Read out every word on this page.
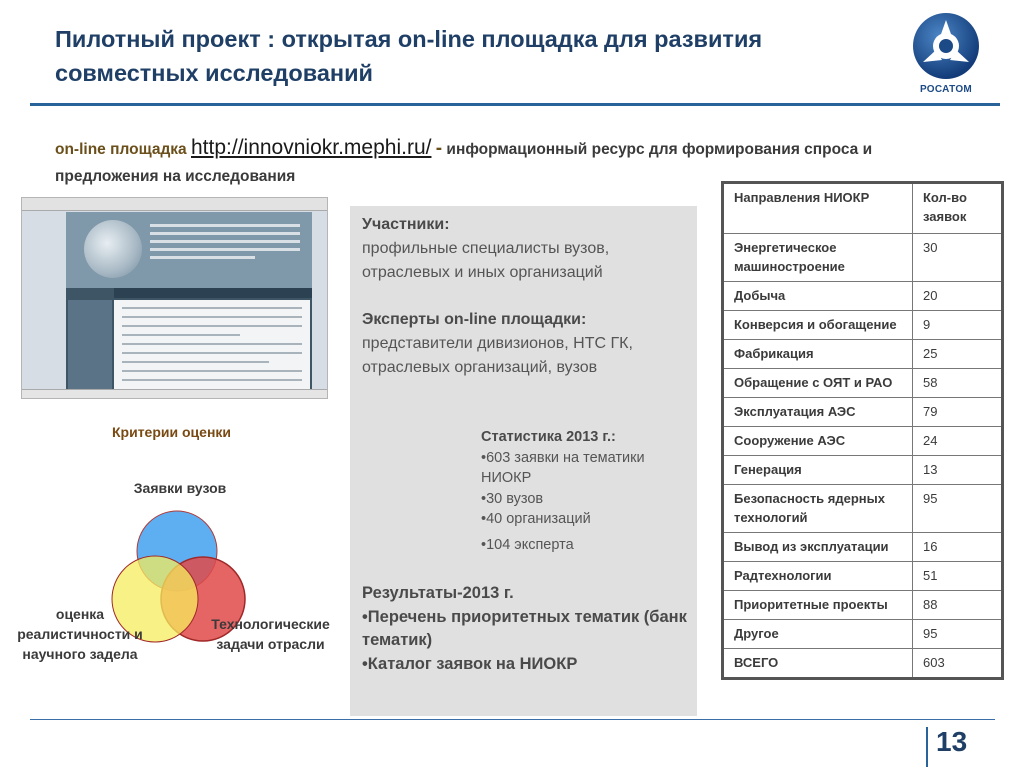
Пилотный проект : открытая on-line площадка для развития совместных исследований
РОСАТОМ
on-line площадка http://innovniokr.mephi.ru/ - информационный ресурс для формирования спроса и предложения на исследования
Критерии оценки
Заявки вузов
оценка реалистичности и научного задела
Технологические задачи отрасли
Участники:
профильные специалисты вузов, отраслевых и иных организаций
Эксперты on-line площадки:
представители дивизионов, НТС ГК, отраслевых организаций, вузов
Статистика 2013 г.:
•603 заявки на тематики НИОКР
•30 вузов
•40 организаций
•104 эксперта
Результаты-2013 г.
•Перечень приоритетных тематик (банк тематик)
•Каталог заявок на НИОКР
Направления НИОКР	Кол-во заявок
Энергетическое машиностроение	30
Добыча	20
Конверсия и обогащение	9
Фабрикация	25
Обращение с ОЯТ и РАО	58
Эксплуатация АЭС	79
Сооружение АЭС	24
Генерация	13
Безопасность ядерных технологий	95
Вывод из эксплуатации	16
Радтехнологии	51
Приоритетные проекты	88
Другое	95
ВСЕГО	603
13
